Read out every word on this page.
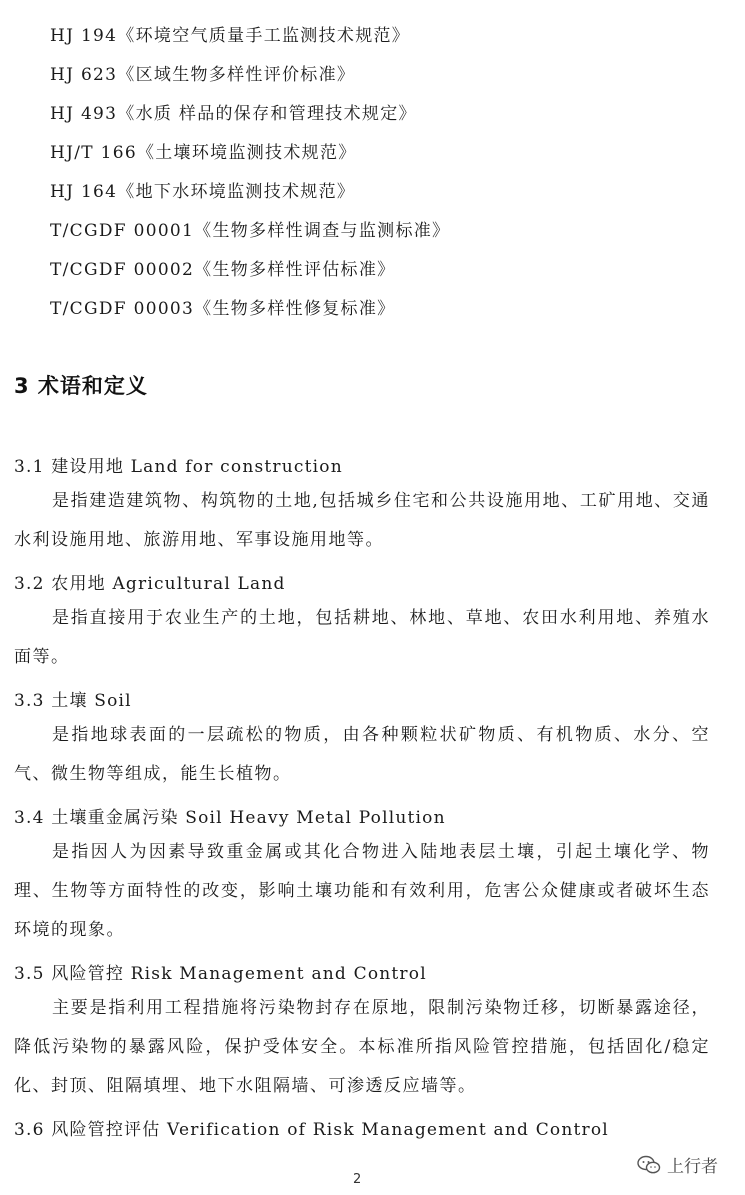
HJ 194《环境空气质量手工监测技术规范》
HJ 623《区域生物多样性评价标准》
HJ 493《水质 样品的保存和管理技术规定》
HJ/T 166《土壤环境监测技术规范》
HJ 164《地下水环境监测技术规范》
T/CGDF 00001《生物多样性调查与监测标准》
T/CGDF 00002《生物多样性评估标准》
T/CGDF 00003《生物多样性修复标准》
3 术语和定义
3.1 建设用地 Land for construction

是指建造建筑物、构筑物的土地,包括城乡住宅和公共设施用地、工矿用地、交通水利设施用地、旅游用地、军事设施用地等。

3.2 农用地 Agricultural Land

是指直接用于农业生产的土地，包括耕地、林地、草地、农田水利用地、养殖水面等。

3.3 土壤 Soil

是指地球表面的一层疏松的物质，由各种颗粒状矿物质、有机物质、水分、空气、微生物等组成，能生长植物。

3.4 土壤重金属污染 Soil Heavy Metal Pollution

是指因人为因素导致重金属或其化合物进入陆地表层土壤，引起土壤化学、物理、生物等方面特性的改变，影响土壤功能和有效利用，危害公众健康或者破坏生态环境的现象。

3.5 风险管控 Risk Management and Control

主要是指利用工程措施将污染物封存在原地，限制污染物迁移，切断暴露途径，降低污染物的暴露风险，保护受体安全。本标准所指风险管控措施，包括固化/稳定化、封顶、阻隔填埋、地下水阻隔墙、可渗透反应墙等。

3.6 风险管控评估 Verification of Risk Management and Control
2
上行者
